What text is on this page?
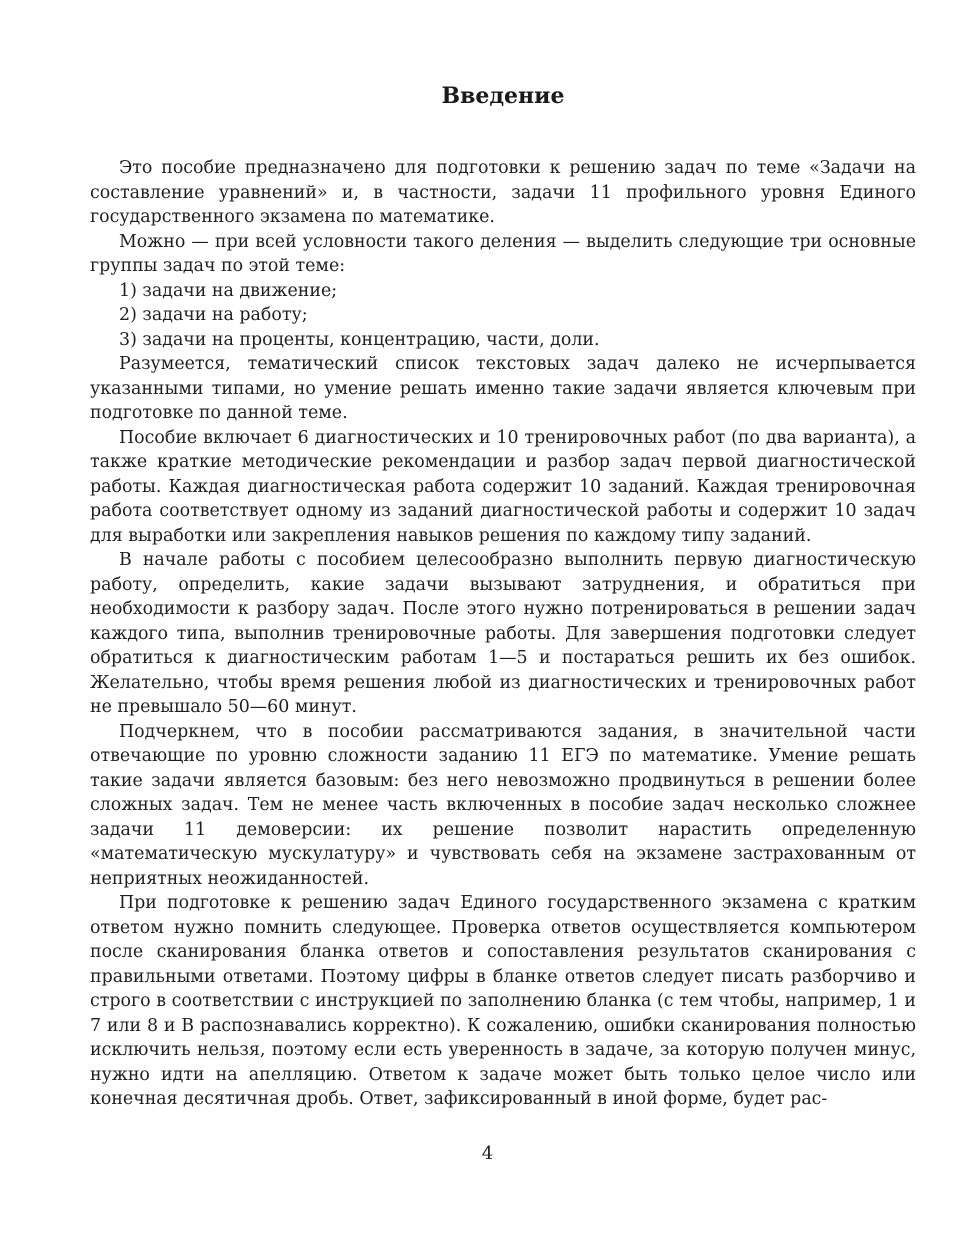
Введение

Это пособие предназначено для подготовки к решению задач по теме «Задачи на составление уравнений» и, в частности, задачи 11 профильного уровня Единого государственного экзамена по математике.

Можно — при всей условности такого деления — выделить следующие три основные группы задач по этой теме:

1) задачи на движение;
2) задачи на работу;
3) задачи на проценты, концентрацию, части, доли.

Разумеется, тематический список текстовых задач далеко не исчерпывается указанными типами, но умение решать именно такие задачи является ключевым при подготовке по данной теме.

Пособие включает 6 диагностических и 10 тренировочных работ (по два варианта), а также краткие методические рекомендации и разбор задач первой диагностической работы. Каждая диагностическая работа содержит 10 заданий. Каждая тренировочная работа соответствует одному из заданий диагностической работы и содержит 10 задач для выработки или закрепления навыков решения по каждому типу заданий.

В начале работы с пособием целесообразно выполнить первую диагностическую работу, определить, какие задачи вызывают затруднения, и обратиться при необходимости к разбору задач. После этого нужно потренироваться в решении задач каждого типа, выполнив тренировочные работы. Для завершения подготовки следует обратиться к диагностическим работам 1—5 и постараться решить их без ошибок. Желательно, чтобы время решения любой из диагностических и тренировочных работ не превышало 50—60 минут.

Подчеркнем, что в пособии рассматриваются задания, в значительной части отвечающие по уровню сложности заданию 11 ЕГЭ по математике. Умение решать такие задачи является базовым: без него невозможно продвинуться в решении более сложных задач. Тем не менее часть включенных в пособие задач несколько сложнее задачи 11 демоверсии: их решение позволит нарастить определенную «математическую мускулатуру» и чувствовать себя на экзамене застрахованным от неприятных неожиданностей.

При подготовке к решению задач Единого государственного экзамена с кратким ответом нужно помнить следующее. Проверка ответов осуществляется компьютером после сканирования бланка ответов и сопоставления результатов сканирования с правильными ответами. Поэтому цифры в бланке ответов следует писать разборчиво и строго в соответствии с инструкцией по заполнению бланка (с тем чтобы, например, 1 и 7 или 8 и В распознавались корректно). К сожалению, ошибки сканирования полностью исключить нельзя, поэтому если есть уверенность в задаче, за которую получен минус, нужно идти на апелляцию. Ответом к задаче может быть только целое число или конечная десятичная дробь. Ответ, зафиксированный в иной форме, будет рас-

4
